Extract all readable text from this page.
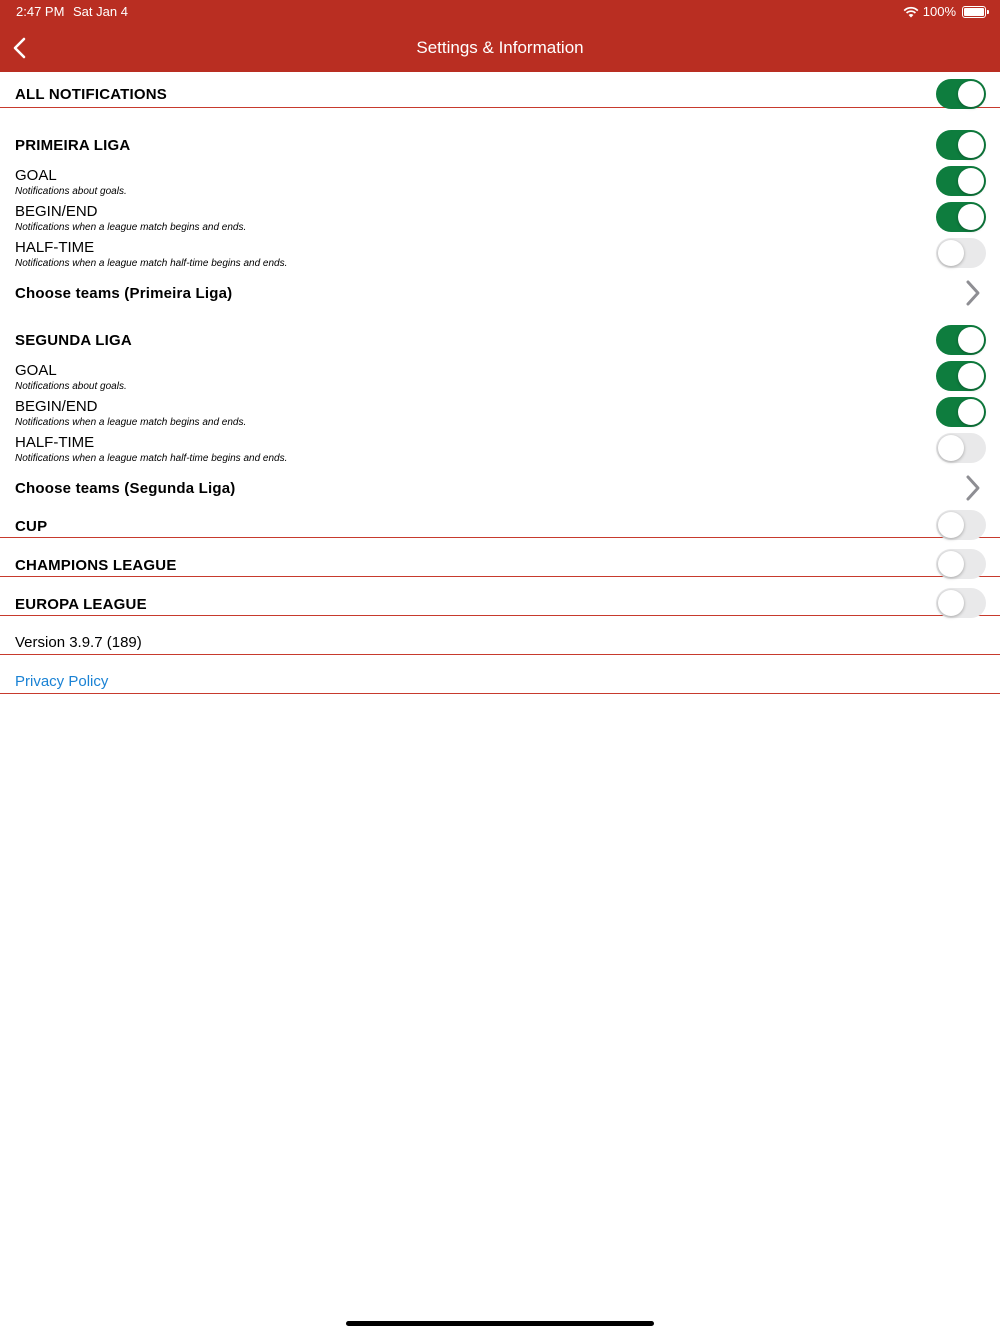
2:47 PM Sat Jan 4	100%
Settings & Information
ALL NOTIFICATIONS
PRIMEIRA LIGA
GOAL
Notifications about goals.
BEGIN/END
Notifications when a league match begins and ends.
HALF-TIME
Notifications when a league match half-time begins and ends.
Choose teams (Primeira Liga)
SEGUNDA LIGA
GOAL
Notifications about goals.
BEGIN/END
Notifications when a league match begins and ends.
HALF-TIME
Notifications when a league match half-time begins and ends.
Choose teams (Segunda Liga)
CUP
CHAMPIONS LEAGUE
EUROPA LEAGUE
Version 3.9.7 (189)
Privacy Policy
